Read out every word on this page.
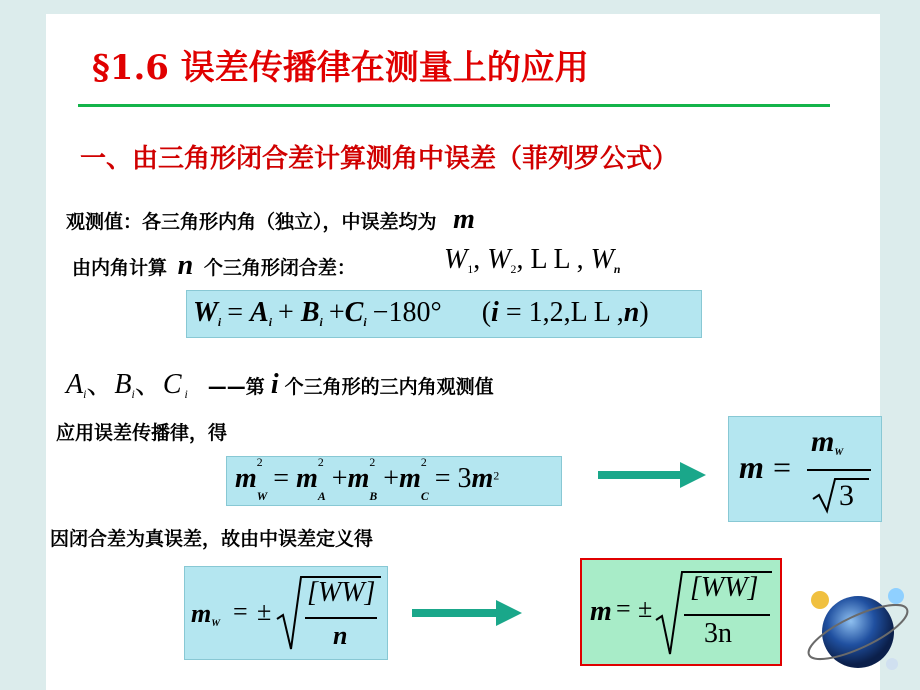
§1.6 误差传播律在测量上的应用
一、由三角形闭合差计算测角中误差（菲列罗公式）
观测值：各三角形内角（独立），中误差均为 m
由内角计算 n 个三角形闭合差：	$W_1$, $W_2$, L L , $W_n$
$W_i = A_i + B_i +C_i -180^\circ$ (i = 1,2,L L ,n)
$A_i$、$B_i$、C $_i$ ——第 i 个三角形的三内角观测值
应用误差传播律，得
m
2
$_W$ = m
2
$_A$ +m
2
$_B$ +m
2
$_C = 3m^2$	m =
$m_W$
3
因闭合差为真误差，故由中误差定义得
$m_W$ = ±
[WW]
n
m = ±
[WW]
3n
